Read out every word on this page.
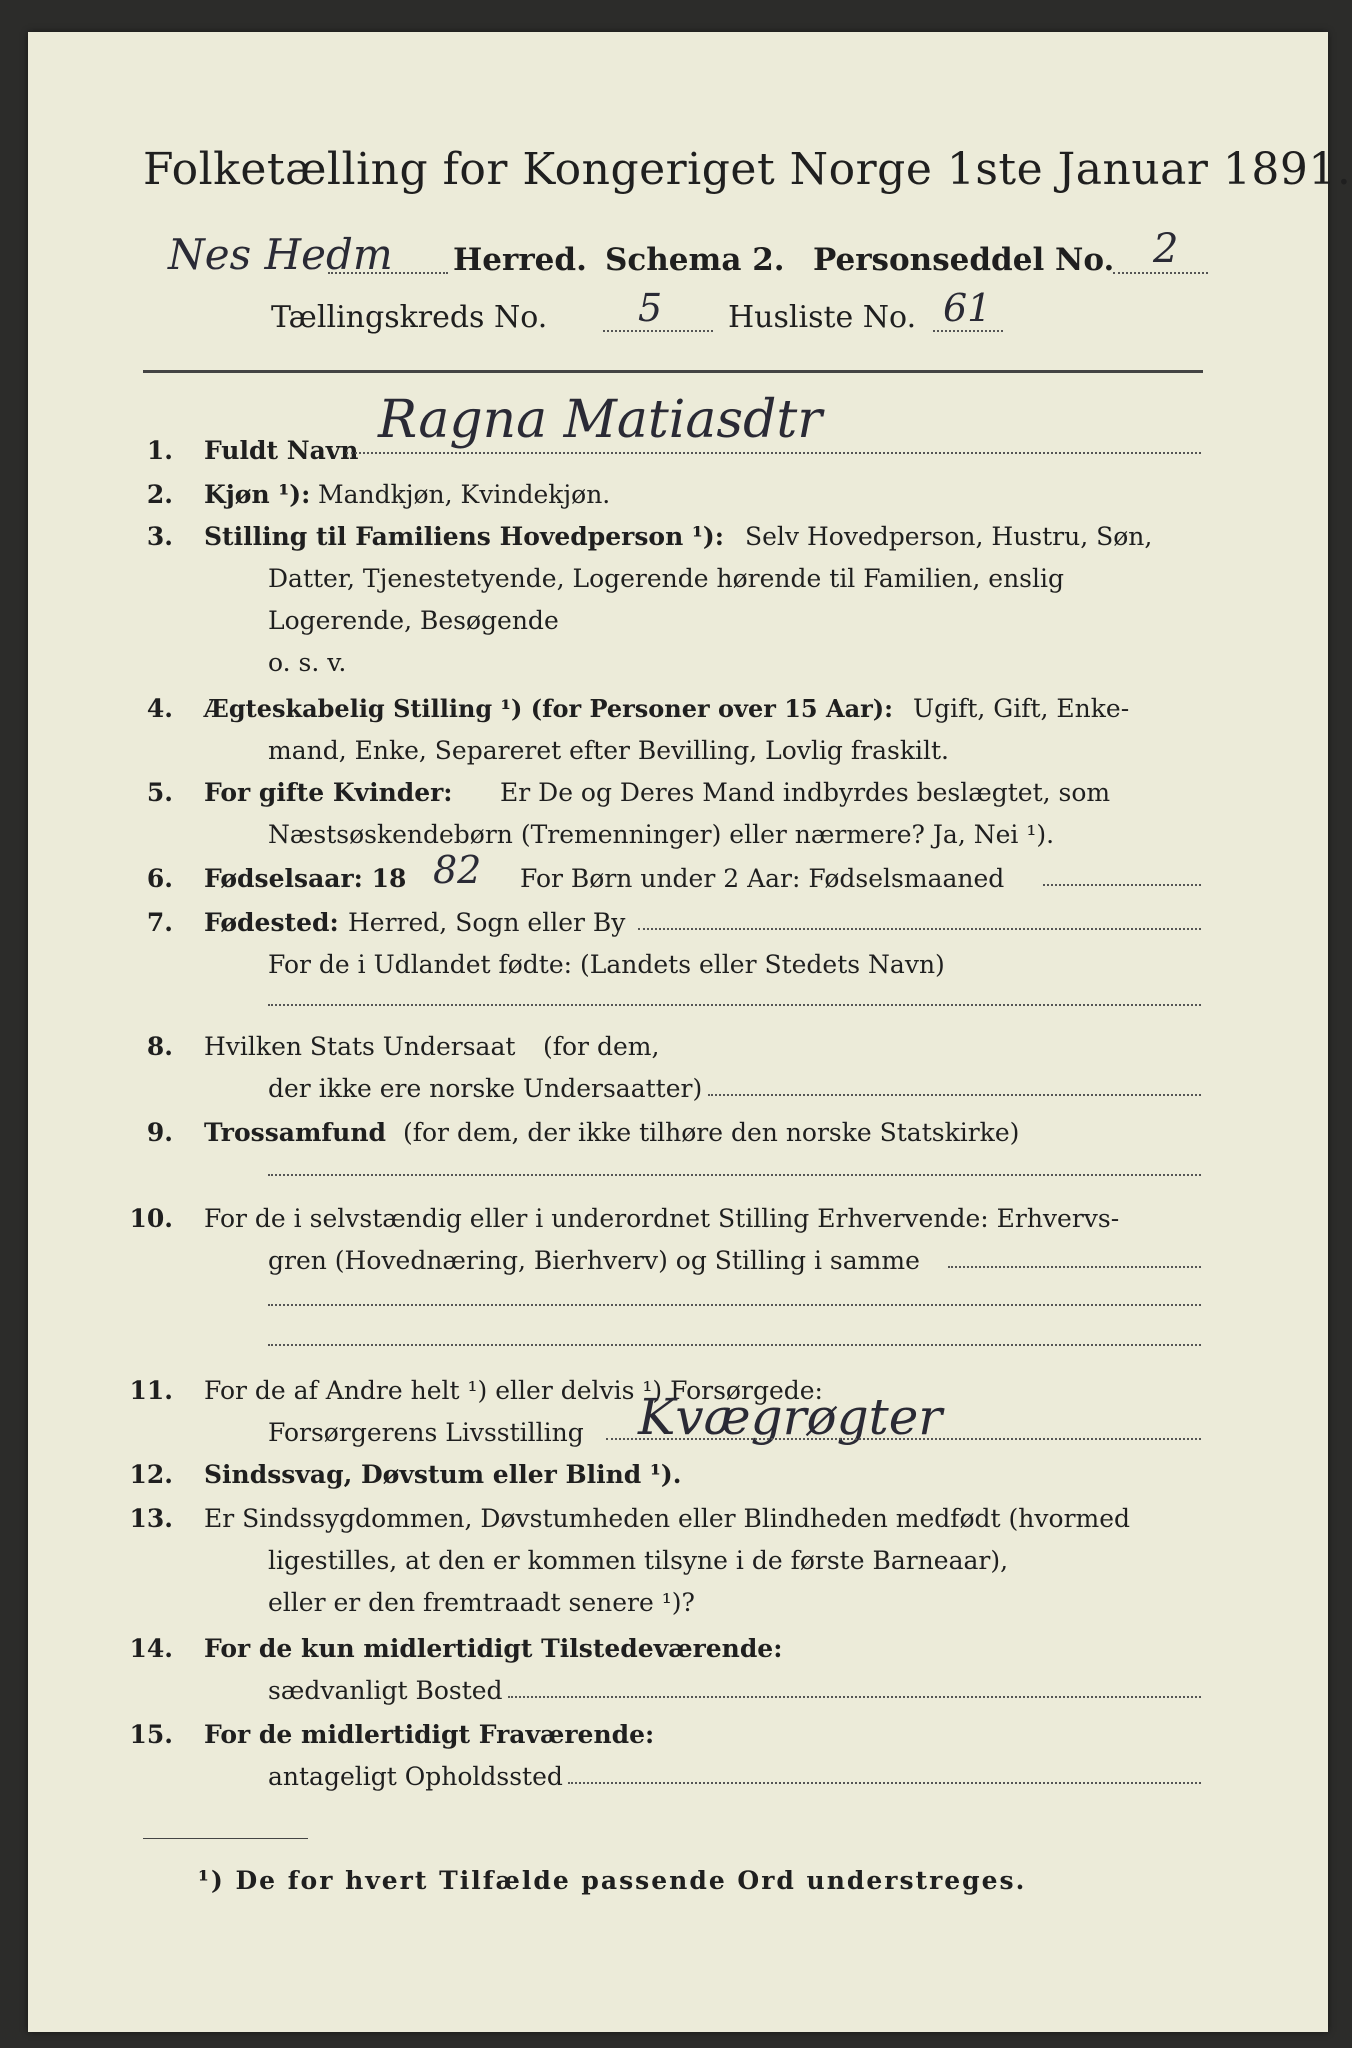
Folketælling for Kongeriget Norge 1ste Januar 1891.
Nes Hedm Herred. Schema 2. Personseddel No. 2
Tællingskreds No. 5 Husliste No. 61
1. Fuldt Navn
Ragna Matiasdtr
2. Kjøn ¹): Mandkjøn, Kvindekjøn.
3. Stilling til Familiens Hovedperson ¹): Selv Hovedperson, Hustru, Søn,
Datter, Tjenestetyende, Logerende hørende til Familien, enslig
Logerende, Besøgende
o. s. v.
4. Ægteskabelig Stilling ¹) (for Personer over 15 Aar): Ugift, Gift, Enke-
mand, Enke, Separeret efter Bevilling, Lovlig fraskilt.
5. For gifte Kvinder: Er De og Deres Mand indbyrdes beslægtet, som
Næstsøskendebørn (Tremenninger) eller nærmere? Ja, Nei ¹).
6. Fødselsaar: 18 82 For Børn under 2 Aar: Fødselsmaaned
7. Fødested: Herred, Sogn eller By
For de i Udlandet fødte: (Landets eller Stedets Navn)
8. Hvilken Stats Undersaat (for dem,
der ikke ere norske Undersaatter)
9. Trossamfund (for dem, der ikke tilhøre den norske Statskirke)
10. For de i selvstændig eller i underordnet Stilling Erhvervende: Erhvervs-
gren (Hovednæring, Bierhverv) og Stilling i samme
11. For de af Andre helt ¹) eller delvis ¹) Forsørgede:
Forsørgerens Livsstilling Kvægrøgter
12. Sindssvag, Døvstum eller Blind ¹).
13. Er Sindssygdommen, Døvstumheden eller Blindheden medfødt (hvormed
ligestilles, at den er kommen tilsyne i de første Barneaar),
eller er den fremtraadt senere ¹)?
14. For de kun midlertidigt Tilstedeværende:
sædvanligt Bosted
15. For de midlertidigt Fraværende:
antageligt Opholdssted
¹) De for hvert Tilfælde passende Ord understreges.
